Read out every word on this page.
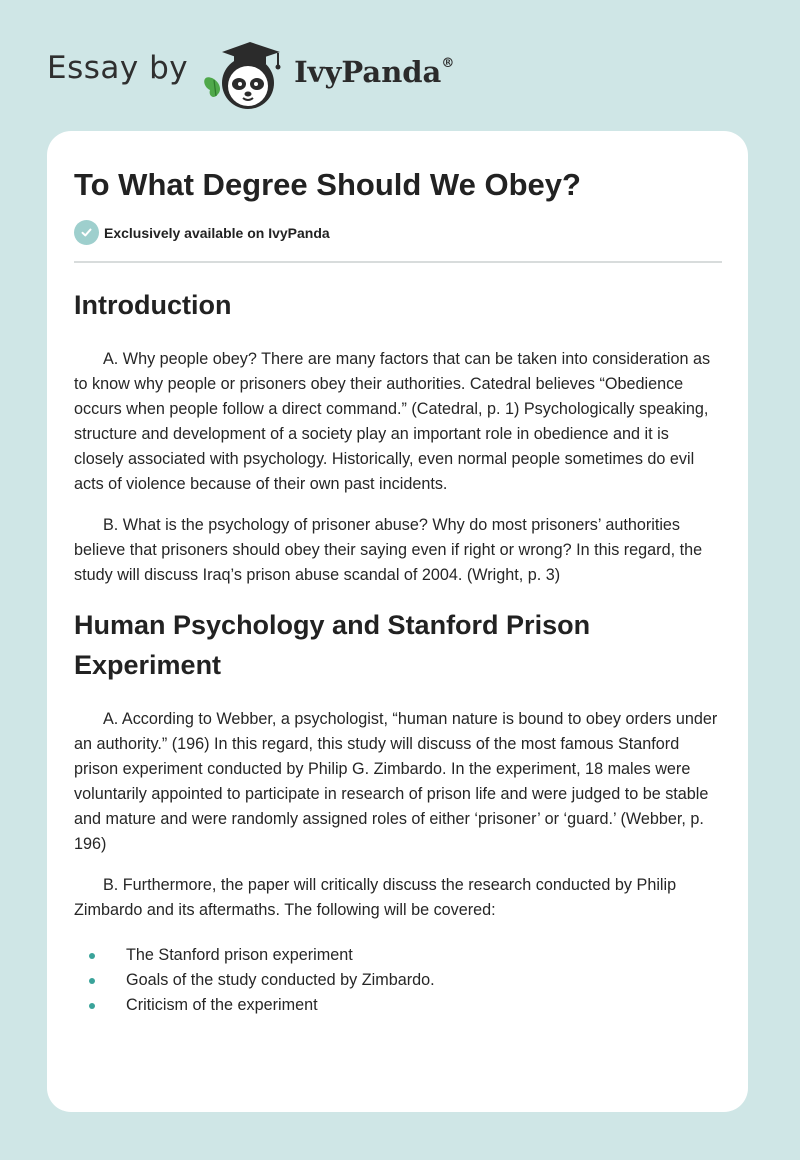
Essay by	IvyPanda®
To What Degree Should We Obey?
Exclusively available on IvyPanda
Introduction

A. Why people obey? There are many factors that can be taken into consideration as to know why people or prisoners obey their authorities. Catedral believes “Obedience occurs when people follow a direct command.” (Catedral, p. 1) Psychologically speaking, structure and development of a society play an important role in obedience and it is closely associated with psychology. Historically, even normal people sometimes do evil acts of violence because of their own past incidents.

B. What is the psychology of prisoner abuse? Why do most prisoners’ authorities believe that prisoners should obey their saying even if right or wrong? In this regard, the study will discuss Iraq’s prison abuse scandal of 2004. (Wright, p. 3)

Human Psychology and Stanford Prison Experiment

A. According to Webber, a psychologist, “human nature is bound to obey orders under an authority.” (196) In this regard, this study will discuss of the most famous Stanford prison experiment conducted by Philip G. Zimbardo. In the experiment, 18 males were voluntarily appointed to participate in research of prison life and were judged to be stable and mature and were randomly assigned roles of either ‘prisoner’ or ‘guard.’ (Webber, p. 196)

B. Furthermore, the paper will critically discuss the research conducted by Philip Zimbardo and its aftermaths. The following will be covered:

The Stanford prison experiment
Goals of the study conducted by Zimbardo.
Criticism of the experiment
